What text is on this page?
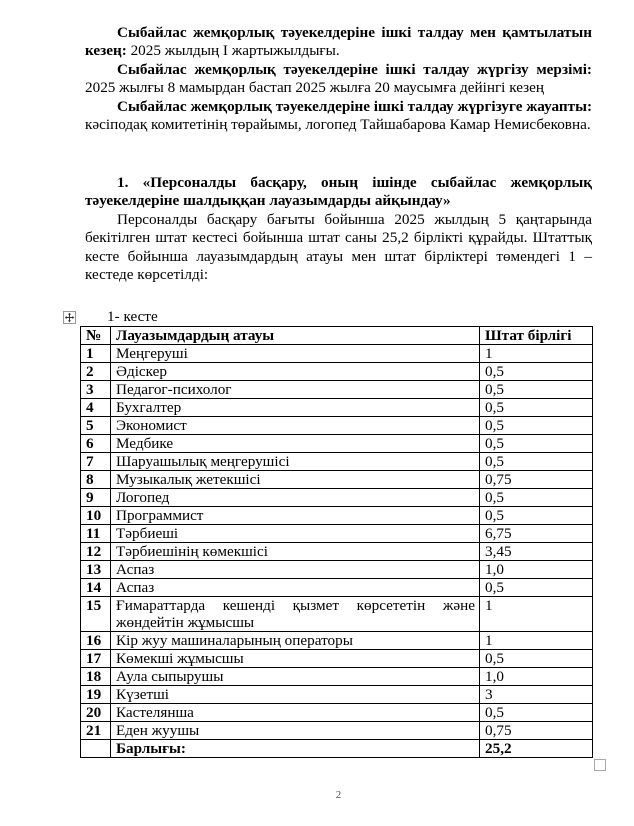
Сыбайлас жемқорлық тәуекелдеріне ішкі талдау мен қамтылатын кезең: 2025 жылдың І жартыжылдығы.

Сыбайлас жемқорлық тәуекелдеріне ішкі талдау жүргізу мерзімі: 2025 жылғы 8 мамырдан бастап 2025 жылға 20 маусымға дейінгі кезең

Сыбайлас жемқорлық тәуекелдеріне ішкі талдау жүргізуге жауапты: кәсіподақ комитетінің төрайымы, логопед Тайшабарова Камар Немисбековна.

1. «Персоналды басқару, оның ішінде сыбайлас жемқорлық тәуекелдеріне шалдыққан лауазымдарды айқындау»

Персоналды басқару бағыты бойынша 2025 жылдың 5 қаңтарында бекітілген штат кестесі бойынша штат саны 25,2 бірлікті құрайды. Штаттық кесте бойынша лауазымдардың атауы мен штат бірліктері төмендегі 1 – кестеде көрсетілді:

1- кесте

№	Лауазымдардың атауы	Штат бірлігі
1	Меңгеруші	1
2	Әдіскер	0,5
3	Педагог-психолог	0,5
4	Бухгалтер	0,5
5	Экономист	0,5
6	Медбике	0,5
7	Шаруашылық меңгерушісі	0,5
8	Музыкалық жетекшісі	0,75
9	Логопед	0,5
10	Программист	0,5
11	Тәрбиеші	6,75
12	Тәрбиешінің көмекшісі	3,45
13	Аспаз	1,0
14	Аспаз	0,5
15	Ғимараттарда кешенді қызмет көрсететін және жөндейтін жұмысшы	1
16	Кір жуу машиналарының операторы	1
17	Көмекші жұмысшы	0,5
18	Аула сыпырушы	1,0
19	Күзетші	3
20	Кастелянша	0,5
21	Еден жуушы	0,75
	Барлығы:	25,2
2
